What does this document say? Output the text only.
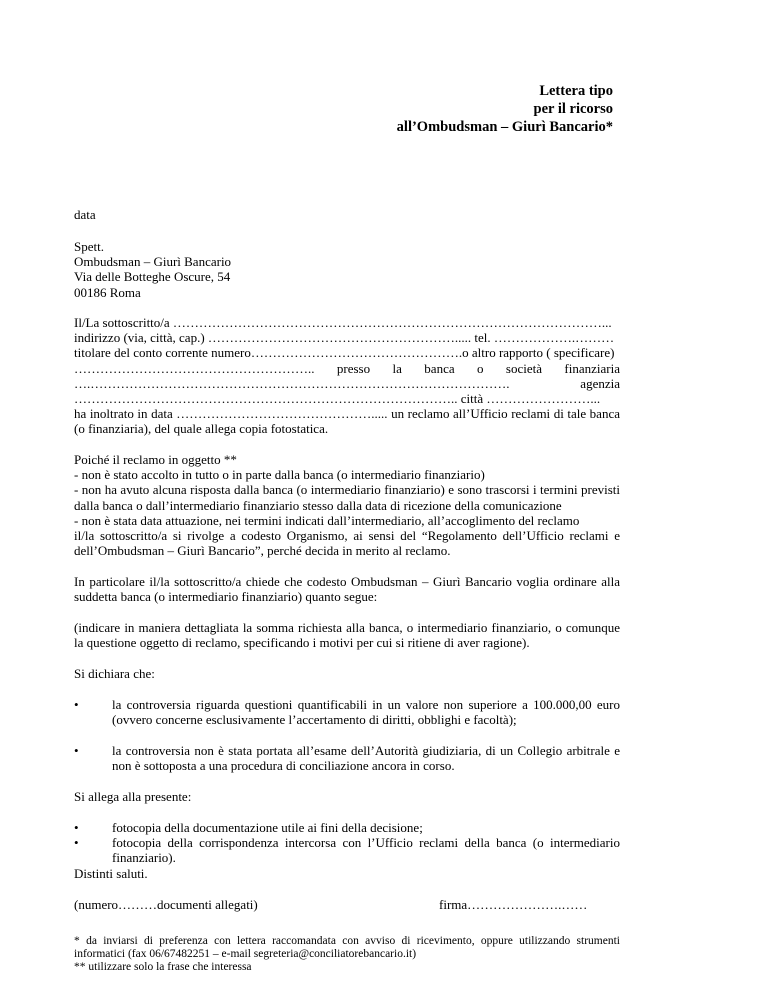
Lettera tipo
per il ricorso
all’Ombudsman – Giurì Bancario*
data
Spett.
Ombudsman – Giurì Bancario
Via delle Botteghe Oscure, 54
00186 Roma
Il/La sottoscritto/a ………………………………………………………………………………………...
indirizzo (via, città, cap.) …………………………………………………..... tel. ……………….………
titolare del conto corrente numero………………………………………….o altro rapporto ( specificare)
……………………………………………….. presso la banca o società finanziaria
….……………………………………………………………………………………. agenzia
…………………………………………………………………………….. città ……………………...

ha inoltrato in data ………………………………………..... un reclamo all’Ufficio reclami di tale banca (o finanziaria), del quale allega copia fotostatica.

Poiché il reclamo in oggetto **
- non è stato accolto in tutto o in parte dalla banca (o intermediario finanziario)
- non ha avuto alcuna risposta dalla banca (o intermediario finanziario) e sono trascorsi i termini previsti dalla banca o dall’intermediario finanziario stesso dalla data di ricezione della comunicazione
- non è stata data attuazione, nei termini indicati dall’intermediario, all’accoglimento del reclamo

il/la sottoscritto/a si rivolge a codesto Organismo, ai sensi del “Regolamento dell’Ufficio reclami e dell’Ombudsman – Giurì Bancario”, perché decida in merito al reclamo.

In particolare il/la sottoscritto/a chiede che codesto Ombudsman – Giurì Bancario voglia ordinare alla suddetta banca (o intermediario finanziario) quanto segue:

(indicare in maniera dettagliata la somma richiesta alla banca, o intermediario finanziario, o comunque la questione oggetto di reclamo, specificando i motivi per cui si ritiene di aver ragione).

Si dichiara che:

•	la controversia riguarda questioni quantificabili in un valore non superiore a 100.000,00 euro (ovvero concerne esclusivamente l’accertamento di diritti, obblighi e facoltà);
•	la controversia non è stata portata all’esame dell’Autorità giudiziaria, di un Collegio arbitrale e non è sottoposta a una procedura di conciliazione ancora in corso.

Si allega alla presente:

•	fotocopia della documentazione utile ai fini della decisione;
•	fotocopia della corrispondenza intercorsa con l’Ufficio reclami della banca (o intermediario finanziario).

Distinti saluti.

(numero………documenti allegati)	firma………………….……
* da inviarsi di preferenza con lettera raccomandata con avviso di ricevimento, oppure utilizzando strumenti informatici (fax 06/67482251 – e-mail segreteria@conciliatorebancario.it)
** utilizzare solo la frase che interessa
